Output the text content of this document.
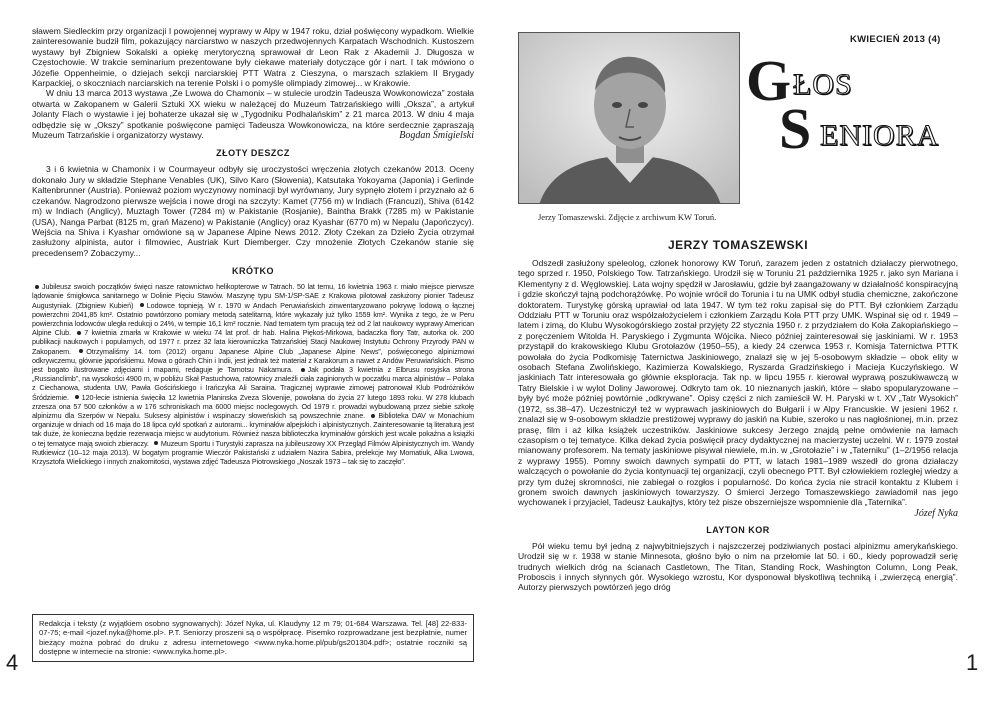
sławem Siedleckim przy organizacji I powojennej wyprawy w Alpy w 1947 roku, dział poświęcony wypadkom. Wielkie zainteresowanie budził film, pokazujący narciarstwo w naszych przedwojennych Karpatach Wschodnich. Kustoszem wystawy był Zbigniew Sokalski a opiekę merytoryczną sprawował dr Leon Rak z Akademii J. Długosza w Częstochowie. W trakcie seminarium prezentowane były ciekawe materiały dotyczące gór i nart. I tak mówiono o Józefie Oppenheimie, o dziejach sekcji narciarskiej PTT Watra z Cieszyna, o marszach szlakiem II Brygady Karpackiej, o skoczniach narciarskich na terenie Polski i o pomyśle olimpiady zimowej... w Krakowie.

W dniu 13 marca 2013 wystawa „Ze Lwowa do Chamonix – w stulecie urodzin Tadeusza Wowkonowicza” została otwarta w Zakopanem w Galerii Sztuki XX wieku w należącej do Muzeum Tatrzańskiego willi „Oksza”, a artykuł Jolanty Flach o wystawie i jej bohaterze ukazał się w „Tygodniku Podhalańskim” z 21 marca 2013. W dniu 4 maja odbędzie się w „Okszy” spotkanie poświęcone pamięci Tadeusza Wowkonowicza, na które serdecznie zapraszają Muzeum Tatrzańskie i organizatorzy wystawy.	Bogdan Śmigielski
ZŁOTY DESZCZ

3 i 6 kwietnia w Chamonix i w Courmayeur odbyły się uroczystości wręczenia złotych czekanów 2013. Oceny dokonało Jury w składzie Stephane Venables (UK), Silvo Karo (Słowenia), Katsutaka Yokoyama (Japonia) i Gerlinde Kaltenbrunner (Austria). Ponieważ poziom wyczynowy nominacji był wyrównany, Jury sypnęło złotem i przyznało aż 6 czekanów. Nagrodzono pierwsze wejścia i nowe drogi na szczyty: Kamet (7756 m) w Indiach (Francuzi), Shiva (6142 m) w Indiach (Anglicy), Muztagh Tower (7284 m) w Pakistanie (Rosjanie), Baintha Brakk (7285 m) w Pakistanie (USA), Nanga Parbat (8125 m, grań Mazeno) w Pakistanie (Anglicy) oraz Kyashar (6770 m) w Nepalu (Japończycy). Wejścia na Shiva i Kyashar omówione są w Japanese Alpine News 2012. Złoty Czekan za Dzieło Życia otrzymał zasłużony alpinista, autor i filmowiec, Austriak Kurt Diemberger. Czy mnożenie Złotych Czekanów stanie się precedensem? Zobaczymy...

KRÓTKO
Jubileusz swoich początków święci nasze ratownictwo helikopterowe w Tatrach. 50 lat temu, 16 kwietnia 1963 r. miało miejsce pierwsze lądowanie śmigłowca sanitarnego w Dolinie Pięciu Stawów. Maszynę typu SM-1/SP-SAE z Krakowa pilotował zasłużony pionier Tadeusz Augustyniak. (Zbigniew Kubień) Lodowce topnieją. W r. 1970 w Andach Peruwiańskich zinwentaryzowano pokrywę lodową o łącznej powierzchni 2041,85 km². Ostatnio powtórzono pomiary metodą satelitarną, które wykazały już tylko 1559 km². Wynika z tego, że w Peru powierzchnia lodowców uległa redukcji o 24%, w tempie 16,1 km² rocznie. Nad tematem tym pracują też od 2 lat naukowcy wyprawy American Alpine Club. 7 kwietnia zmarła w Krakowie w wieku 74 lat prof. dr hab. Halina Piękoś-Mirkowa, badaczka flory Tatr, autorka ok. 200 publikacji naukowych i popularnych, od 1977 r. przez 32 lata kierowniczka Tatrzańskiej Stacji Naukowej Instytutu Ochrony Przyrody PAN w Zakopanem. Otrzymaliśmy 14. tom (2012) organu Japanese Alpine Club „Japanese Alpine News”, poświęconego alpinizmowi odkrywczemu, głównie japońskiemu. Mowa o górach Chin i Indii, jest jednak też materiał z Karakorum a nawet z Andów Peruwiańskich. Pismo jest bogato ilustrowane zdjęciami i mapami, redaguje je Tamotsu Nakamura. Jak podała 3 kwietnia z Elbrusu rosyjska strona „Russianclimb”, na wysokości 4900 m, w pobliżu Skał Pastuchowa, ratownicy znaleźli ciała zaginionych w poczatku marca alpinistów – Polaka z Ciechanowa, studenta UW, Pawła Gościńskiego i Irańczyka Ali Saraina. Tragicznej wyprawie zimowej patronował Klub Podróżników Śródziemie. 120-lecie istnienia święciła 12 kwietnia Planinska Zveza Slovenije, powołana do życia 27 lutego 1893 roku. W 278 klubach zrzesza ona 57 500 członków a w 176 schroniskach ma 6000 miejsc noclegowych. Od 1979 r. prowadzi wybudowaną przez siebie szkołę alpinizmu dla Szerpów w Nepalu. Suksesy alpinistów i wspinaczy słoweńskich są powszechnie znane. Biblioteka DAV w Monachium organizuje w dniach od 16 maja do 18 lipca cykl spotkań z autorami... kryminałów alpejskich i alpinistycznych. Zainteresowanie tą literaturą jest tak duże, że konieczna będzie rezerwacja miejsc w audytorium. Również nasza biblioteczka kryminałów górskich jest wcale pokaźna a książki o tej tematyce mają swoich zbieraczy. Muzeum Sportu i Turystyki zaprasza na jubileuszowy XX Przegląd Filmów Alpinistycznych im. Wandy Rutkiewicz (10–12 maja 2013). W bogatym programie Wieczór Pakistański z udziałem Nazira Sabira, prelekcje Iwy Momatiuk, Alka Lwowa, Krzysztofa Wielickiego i innych znakomitości, wystawa zdjęć Tadeusza Piotrowskiego „Noszak 1973 – tak się to zaczęło”.

Redakcja i teksty (z wyjątkiem osobno sygnowanych): Józef Nyka, ul. Klaudyny 12 m 79; 01-684 Warszawa. Tel. [48] 22-833-07-75; e-mail <jozef.nyka@home.pl>. P.T. Seniorzy proszeni są o współpracę. Pisemko rozprowadzane jest bezpłatnie, numer bieżący można pobrać do druku z adresu internetowego <www.nyka.home.pl/pub/gs201304.pdf>; ostatnie roczniki są dostępne w internecie na stronie: <www.nyka.home.pl>.

4
Jerzy Tomaszewski. Zdjęcie z archiwum KW Toruń.
KWIECIEŃ 2013 (4)
G ŁOS
S ENIORA
JERZY TOMASZEWSKI

Odszedł zasłużony speleolog, członek honorowy KW Toruń, zarazem jeden z ostatnich działaczy pierwotnego, tego sprzed r. 1950, Polskiego Tow. Tatrzańskiego. Urodził się w Toruniu 21 października 1925 r. jako syn Mariana i Klementyny z d. Węglowskiej. Lata wojny spędził w Jarosławiu, gdzie był zaangażowany w działalność konspiracyjną i gdzie skończył tajną podchorążówkę. Po wojnie wrócił do Torunia i tu na UMK odbył studia chemiczne, zakończone doktoratem. Turystykę górską uprawiał od lata 1947. W tym też roku zapisał się do PTT. Był członkiem Zarządu Oddziału PTT w Toruniu oraz współzałożycielem i członkiem Zarządu Koła PTT przy UMK. Wspinał się od r. 1949 – latem i zimą, do Klubu Wysokogórskiego został przyjęty 22 stycznia 1950 r. z przydziałem do Koła Zakopiańskiego – z poręczeniem Witolda H. Paryskiego i Zygmunta Wójcika. Nieco później zainteresował się jaskiniami. W r. 1953 przystąpił do krakowskiego Klubu Grotołazów (1950–55), a kiedy 24 czerwca 1953 r. Komisja Taternictwa PTTK powołała do życia Podkomisję Taternictwa Jaskiniowego, znalazł się w jej 5-osobowym składzie – obok elity w osobach Stefana Zwolińskiego, Kazimierza Kowalskiego, Ryszarda Gradzińskiego i Macieja Kuczyńskiego. W jaskiniach Tatr interesowała go głównie eksploracja. Tak np. w lipcu 1955 r. kierował wyprawą poszukiwawczą w Tatry Bielskie i w wylot Doliny Jaworowej. Odkryto tam ok. 10 nieznanych jaskiń, które – słabo spopularyzowane – były być może później powtórnie „odkrywane”. Opisy części z nich zamieścił W. H. Paryski w t. XV „Tatr Wysokich” (1972, ss.38–47). Uczestniczył też w wyprawach jaskiniowych do Bułgarii i w Alpy Francuskie. W jesieni 1962 r. znalazł się w 9-osobowym składzie prestiżowej wyprawy do jaskiń na Kubie, szeroko u nas nagłośnionej, m.in. przez prasę, film i aż kilka książek uczestników. Jaskiniowe sukcesy Jerzego znajdą pełne omówienie na łamach czasopism o tej tematyce. Kilka dekad życia poświęcił pracy dydaktycznej na macierzystej uczelni. W r. 1979 został mianowany profesorem. Na tematy jaskiniowe pisywał niewiele, m.in. w „Grotołazie” i w „Taterniku” (1–2/1956 relacja z wyprawy 1955). Pomny swoich dawnych sympatii do PTT, w latach 1981–1989 wszedł do grona działaczy walczących o powołanie do życia kontynuacji tej organizacji, czyli obecnego PTT. Był człowiekiem rozległej wiedzy a przy tym dużej skromności, nie zabiegał o rozgłos i popularność. Do końca życia nie stracił kontaktu z Klubem i gronem swoich dawnych jaskiniowych towarzyszy. O śmierci Jerzego Tomaszewskiego zawiadomił nas jego wychowanek i przyjaciel, Tadeusz Łaukajtys, który też pisze obszerniejsze wspomnienie dla „Taternika”.

Józef Nyka
LAYTON KOR

Pół wieku temu był jedną z najwybitniejszych i najszczerzej podziwianych postaci alpinizmu amerykańskiego. Urodził się w r. 1938 w stanie Minnesota, głośno było o nim na przełomie lat 50. i 60., kiedy poprowadził serię trudnych wielkich dróg na ścianach Castletown, The Titan, Standing Rock, Washington Column, Long Peak, Proboscis i innych słynnych gór. Wysokiego wzrostu, Kor dysponował błyskotliwą techniką i „zwierzęcą energią”. Autorzy pierwszych powtórzeń jego dróg

1
